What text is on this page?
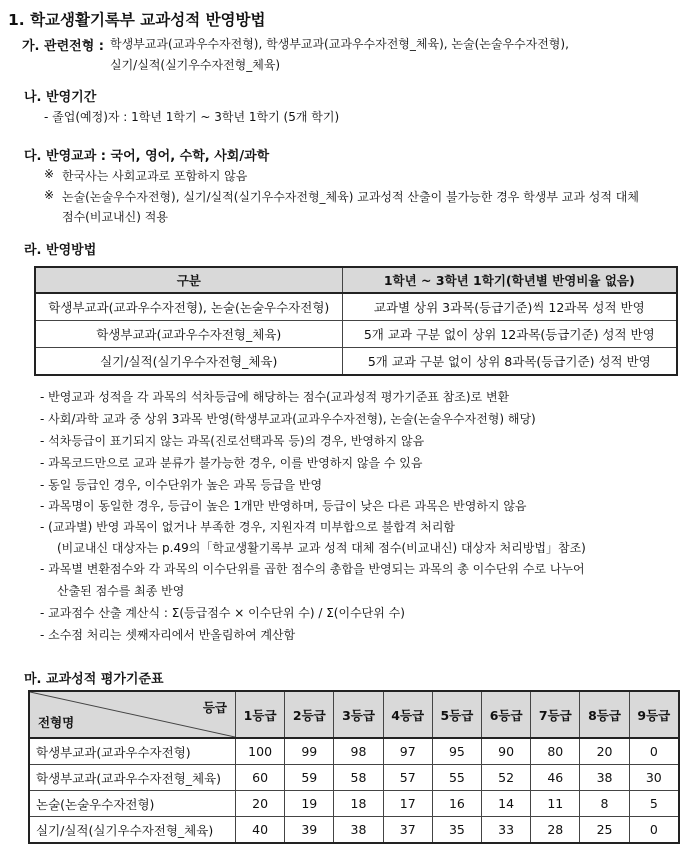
1. 학교생활기록부 교과성적 반영방법
가. 관련전형 : 학생부교과(교과우수자전형), 학생부교과(교과우수자전형_체육), 논술(논술우수자전형),
실기/실적(실기우수자전형_체육)
나. 반영기간
- 졸업(예정)자 : 1학년 1학기 ~ 3학년 1학기 (5개 학기)
다. 반영교과 : 국어, 영어, 수학, 사회/과학
※ 한국사는 사회교과로 포함하지 않음
※ 논술(논술우수자전형), 실기/실적(실기우수자전형_체육) 교과성적 산출이 불가능한 경우 학생부 교과 성적 대체
점수(비교내신) 적용
라. 반영방법
구분	1학년 ~ 3학년 1학기(학년별 반영비율 없음)
학생부교과(교과우수자전형), 논술(논술우수자전형)	교과별 상위 3과목(등급기준)씩 12과목 성적 반영
학생부교과(교과우수자전형_체육)	5개 교과 구분 없이 상위 12과목(등급기준) 성적 반영
실기/실적(실기우수자전형_체육)	5개 교과 구분 없이 상위 8과목(등급기준) 성적 반영
- 반영교과 성적을 각 과목의 석차등급에 해당하는 점수(교과성적 평가기준표 참조)로 변환
- 사회/과학 교과 중 상위 3과목 반영(학생부교과(교과우수자전형), 논술(논술우수자전형) 해당)
- 석차등급이 표기되지 않는 과목(진로선택과목 등)의 경우, 반영하지 않음
- 과목코드만으로 교과 분류가 불가능한 경우, 이를 반영하지 않을 수 있음
- 동일 등급인 경우, 이수단위가 높은 과목 등급을 반영
- 과목명이 동일한 경우, 등급이 높은 1개만 반영하며, 등급이 낮은 다른 과목은 반영하지 않음
- (교과별) 반영 과목이 없거나 부족한 경우, 지원자격 미부합으로 불합격 처리함
(비교내신 대상자는 p.49의「학교생활기록부 교과 성적 대체 점수(비교내신) 대상자 처리방법」참조)
- 과목별 변환점수와 각 과목의 이수단위를 곱한 점수의 총합을 반영되는 과목의 총 이수단위 수로 나누어
산출된 점수를 최종 반영
- 교과점수 산출 계산식 : Σ(등급점수 × 이수단위 수) / Σ(이수단위 수)
- 소수점 처리는 셋째자리에서 반올림하여 계산함
마. 교과성적 평가기준표
등급
전형명	1등급	2등급	3등급	4등급	5등급	6등급	7등급	8등급	9등급
학생부교과(교과우수자전형)	100	99	98	97	95	90	80	20	0
학생부교과(교과우수자전형_체육)	60	59	58	57	55	52	46	38	30
논술(논술우수자전형)	20	19	18	17	16	14	11	8	5
실기/실적(실기우수자전형_체육)	40	39	38	37	35	33	28	25	0
